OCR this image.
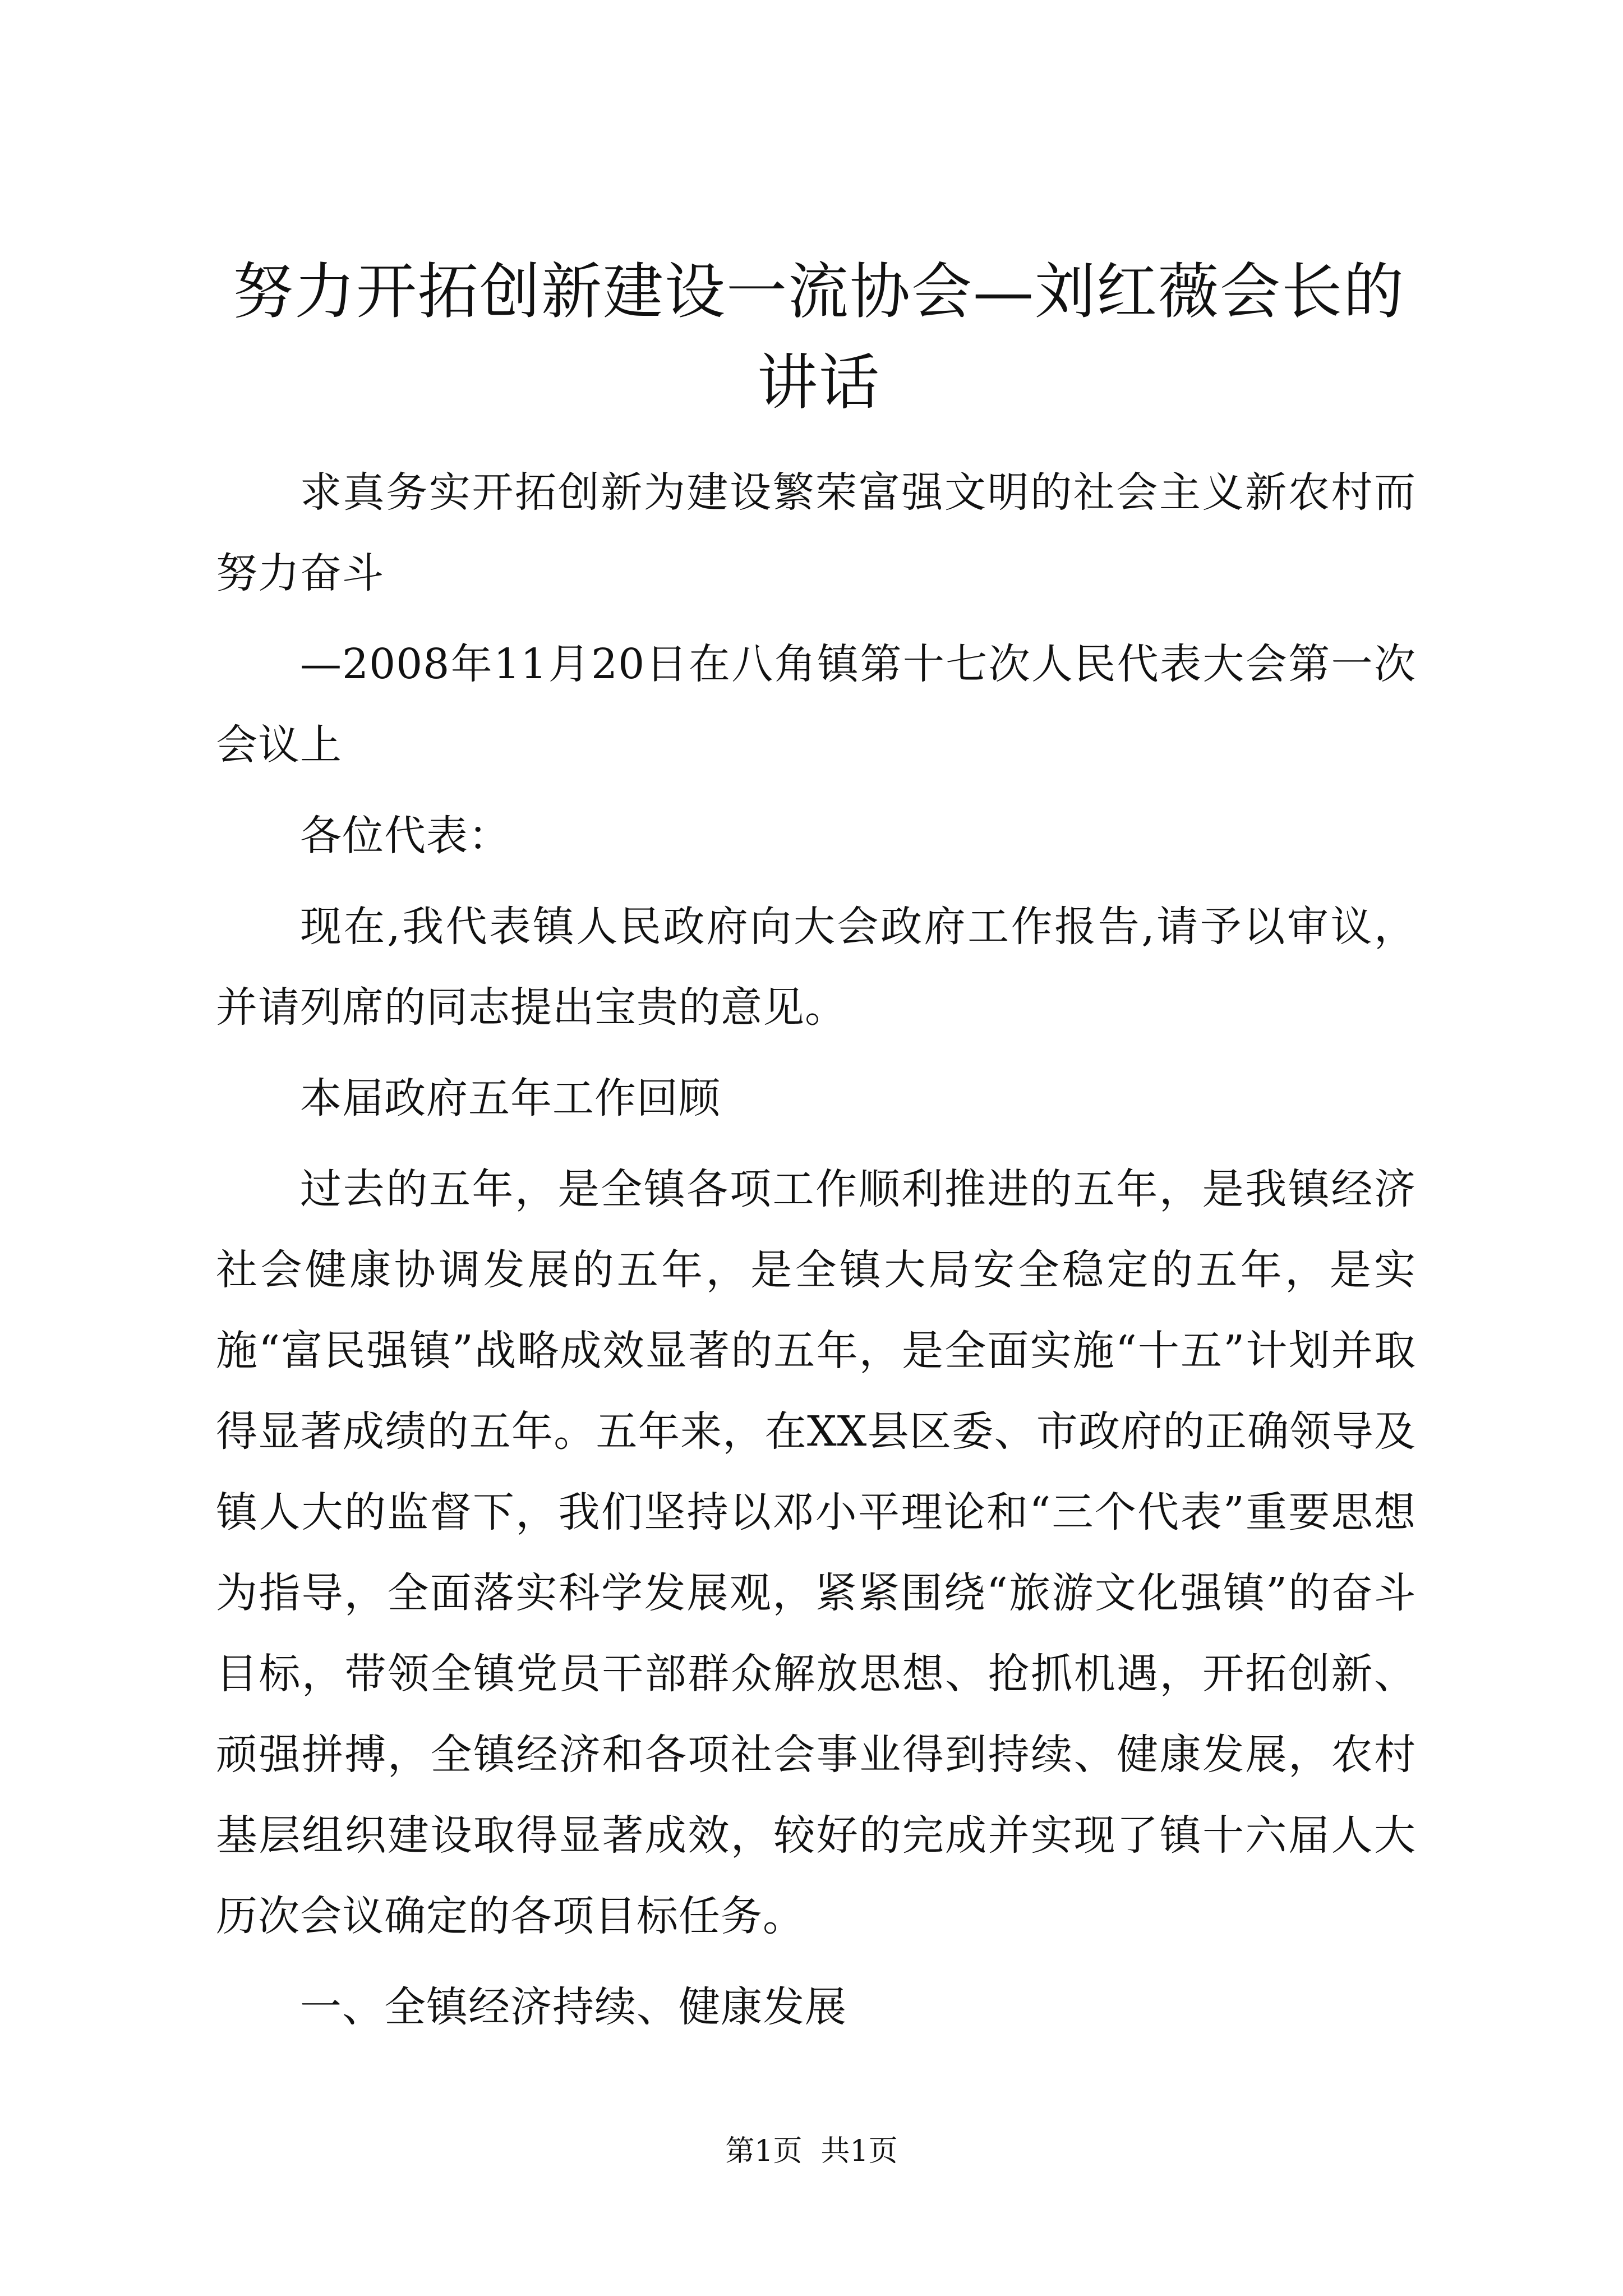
努力开拓创新建设一流协会—刘红薇会长的讲话

求真务实开拓创新为建设繁荣富强文明的社会主义新农村而努力奋斗

—2008年11月20日在八角镇第十七次人民代表大会第一次会议上

各位代表：

现在,我代表镇人民政府向大会政府工作报告,请予以审议，并请列席的同志提出宝贵的意见。

本届政府五年工作回顾

过去的五年，是全镇各项工作顺利推进的五年，是我镇经济社会健康协调发展的五年，是全镇大局安全稳定的五年，是实施“富民强镇”战略成效显著的五年，是全面实施“十五”计划并取得显著成绩的五年。五年来，在XX县区委、市政府的正确领导及镇人大的监督下，我们坚持以邓小平理论和“三个代表”重要思想为指导，全面落实科学发展观，紧紧围绕“旅游文化强镇”的奋斗目标，带领全镇党员干部群众解放思想、抢抓机遇，开拓创新、顽强拼搏，全镇经济和各项社会事业得到持续、健康发展，农村基层组织建设取得显著成效，较好的完成并实现了镇十六届人大历次会议确定的各项目标任务。

一、全镇经济持续、健康发展

第1页  共1页
